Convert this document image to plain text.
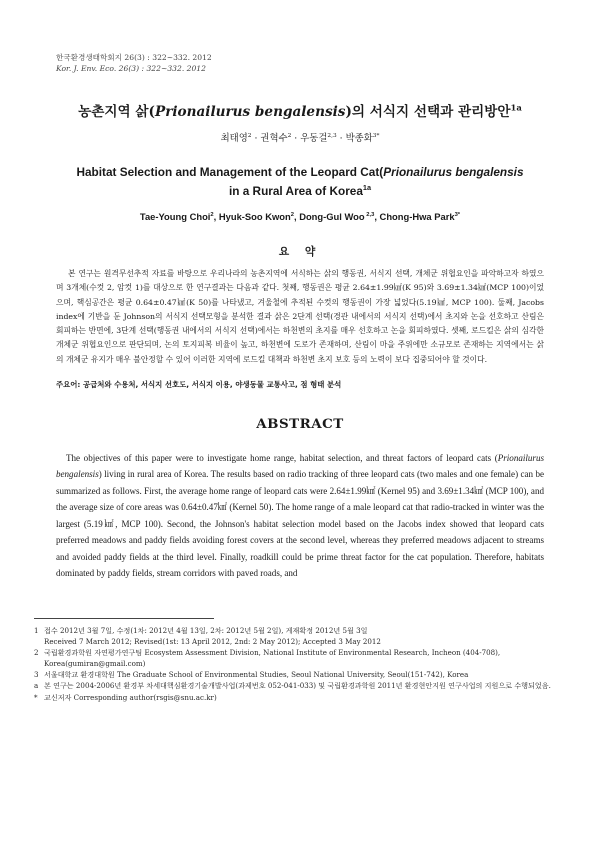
한국환경생태학회지 26(3) : 322~332. 2012
Kor. J. Env. Eco. 26(3) : 322~332. 2012
농촌지역 삵(Prionailurus bengalensis)의 서식지 선택과 관리방안$^{1a}$
최태영$^2$ · 권혁수$^2$ · 우동걸$^{2,3}$ · 박종화$^{3*}$
Habitat Selection and Management of the Leopard Cat(Prionailurus bengalensis
in a Rural Area of Korea$^{1a}$
Tae-Young Choi$^2$, Hyuk-Soo Kwon$^2$, Dong-Gul Woo $^{2,3}$, Chong-Hwa Park$^{3*}$
요 약
본 연구는 원격무선추적 자료를 바탕으로 우리나라의 농촌지역에 서식하는 삵의 행동권, 서식지 선택, 개체군 위협요인을 파악하고자 하였으며 3개체(수컷 2, 암컷 1)를 대상으로 한 연구결과는 다음과 같다. 첫째, 행동권은 평균 2.64±1.99㎢(K 95)와 3.69±1.34㎢(MCP 100)이었으며, 핵심공간은 평균 0.64±0.47㎢(K 50)를 나타냈고, 겨울철에 추적된 수컷의 행동권이 가장 넓었다(5.19㎢, MCP 100). 둘째, Jacobs index에 기반을 둔 Johnson의 서식지 선택모형을 분석한 결과 삵은 2단계 선택(경관 내에서의 서식지 선택)에서 초지와 논을 선호하고 산림은 회피하는 반면에, 3단계 선택(행동권 내에서의 서식지 선택)에서는 하천변의 초지를 매우 선호하고 논을 회피하였다. 셋째, 로드킬은 삵의 심각한 개체군 위협요인으로 판단되며, 논의 토지피복 비율이 높고, 하천변에 도로가 존재하며, 산림이 마을 주위에만 소규모로 존재하는 지역에서는 삵의 개체군 유지가 매우 불안정할 수 있어 이러한 지역에 로드킬 대책과 하천변 초지 보호 등의 노력이 보다 집중되어야 할 것이다.
주요어: 공급처와 수용처, 서식지 선호도, 서식지 이용, 야생동물 교통사고, 점 형태 분석
ABSTRACT
The objectives of this paper were to investigate home range, habitat selection, and threat factors of leopard cats (Prionailurus bengalensis) living in rural area of Korea. The results based on radio tracking of three leopard cats (two males and one female) can be summarized as follows. First, the average home range of leopard cats were 2.64±1.99㎢ (Kernel 95) and 3.69±1.34㎢ (MCP 100), and the average size of core areas was 0.64±0.47㎢ (Kernel 50). The home range of a male leopard cat that radio-tracked in winter was the largest (5.19㎢, MCP 100). Second, the Johnson's habitat selection model based on the Jacobs index showed that leopard cats preferred meadows and paddy fields avoiding forest covers at the second level, whereas they preferred meadows adjacent to streams and avoided paddy fields at the third level. Finally, roadkill could be prime threat factor for the cat population. Therefore, habitats dominated by paddy fields, stream corridors with paved roads, and
1 접수 2012년 3월 7일, 수정(1차: 2012년 4월 13일, 2차: 2012년 5월 2일), 게재확정 2012년 5월 3일
Received 7 March 2012; Revised(1st: 13 April 2012, 2nd: 2 May 2012); Accepted 3 May 2012
2 국립환경과학원 자연평가연구팀 Ecosystem Assessment Division, National Institute of Environmental Research, Incheon (404-708), Korea(gumiran@gmail.com)
3 서울대학교 환경대학원 The Graduate School of Environmental Studies, Seoul National University, Seoul(151-742), Korea
a 본 연구는 2004-2006년 환경부 차세대핵심환경기술개발사업(과제번호 052-041-033) 및 국립환경과학원 2011년 환경현안지원 연구사업의 지원으로 수행되었음.
* 교신저자 Corresponding author(rsgis@snu.ac.kr)
